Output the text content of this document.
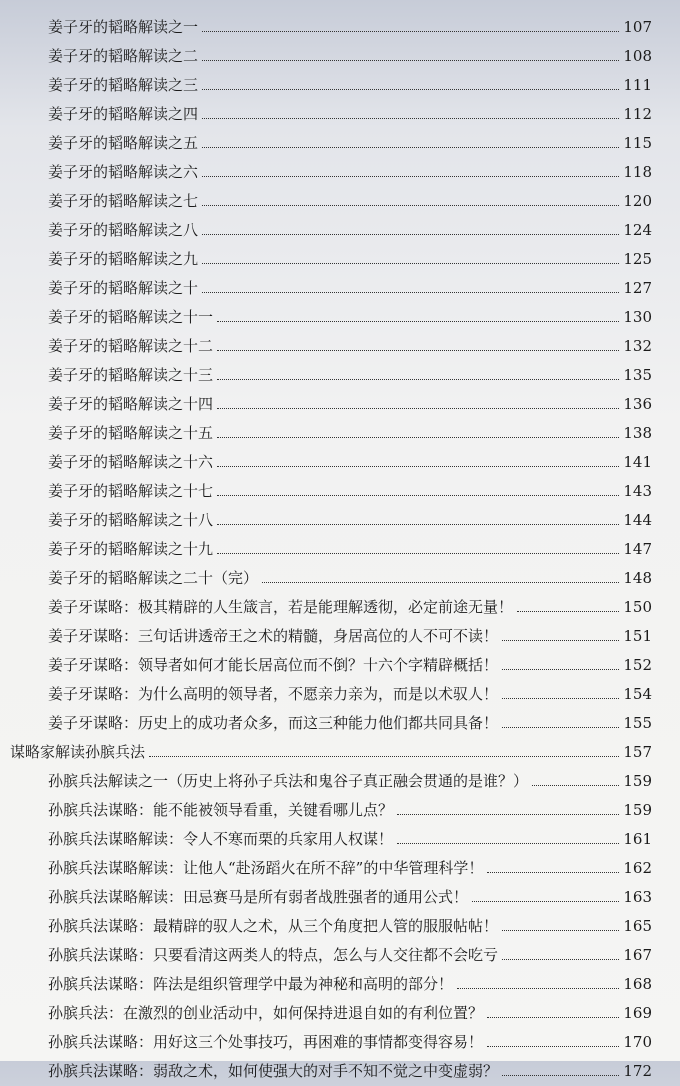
姜子牙的韬略解读之一	107
姜子牙的韬略解读之二	108
姜子牙的韬略解读之三	111
姜子牙的韬略解读之四	112
姜子牙的韬略解读之五	115
姜子牙的韬略解读之六	118
姜子牙的韬略解读之七	120
姜子牙的韬略解读之八	124
姜子牙的韬略解读之九	125
姜子牙的韬略解读之十	127
姜子牙的韬略解读之十一	130
姜子牙的韬略解读之十二	132
姜子牙的韬略解读之十三	135
姜子牙的韬略解读之十四	136
姜子牙的韬略解读之十五	138
姜子牙的韬略解读之十六	141
姜子牙的韬略解读之十七	143
姜子牙的韬略解读之十八	144
姜子牙的韬略解读之十九	147
姜子牙的韬略解读之二十（完）	148
姜子牙谋略：极其精辟的人生箴言，若是能理解透彻，必定前途无量！	150
姜子牙谋略：三句话讲透帝王之术的精髓，身居高位的人不可不读！	151
姜子牙谋略：领导者如何才能长居高位而不倒？十六个字精辟概括！	152
姜子牙谋略：为什么高明的领导者，不愿亲力亲为，而是以术驭人！	154
姜子牙谋略：历史上的成功者众多，而这三种能力他们都共同具备！	155
谋略家解读孙膑兵法	157
孙膑兵法解读之一（历史上将孙子兵法和鬼谷子真正融会贯通的是谁？）	159
孙膑兵法谋略：能不能被领导看重，关键看哪儿点？	159
孙膑兵法谋略解读：令人不寒而栗的兵家用人权谋！	161
孙膑兵法谋略解读：让他人“赴汤蹈火在所不辞”的中华管理科学！	162
孙膑兵法谋略解读：田忌赛马是所有弱者战胜强者的通用公式！	163
孙膑兵法谋略：最精辟的驭人之术，从三个角度把人管的服服帖帖！	165
孙膑兵法谋略：只要看清这两类人的特点，怎么与人交往都不会吃亏	167
孙膑兵法谋略：阵法是组织管理学中最为神秘和高明的部分！	168
孙膑兵法：在激烈的创业活动中，如何保持进退自如的有利位置？	169
孙膑兵法谋略：用好这三个处事技巧，再困难的事情都变得容易！	170
孙膑兵法谋略：弱敌之术，如何使强大的对手不知不觉之中变虚弱？	172
